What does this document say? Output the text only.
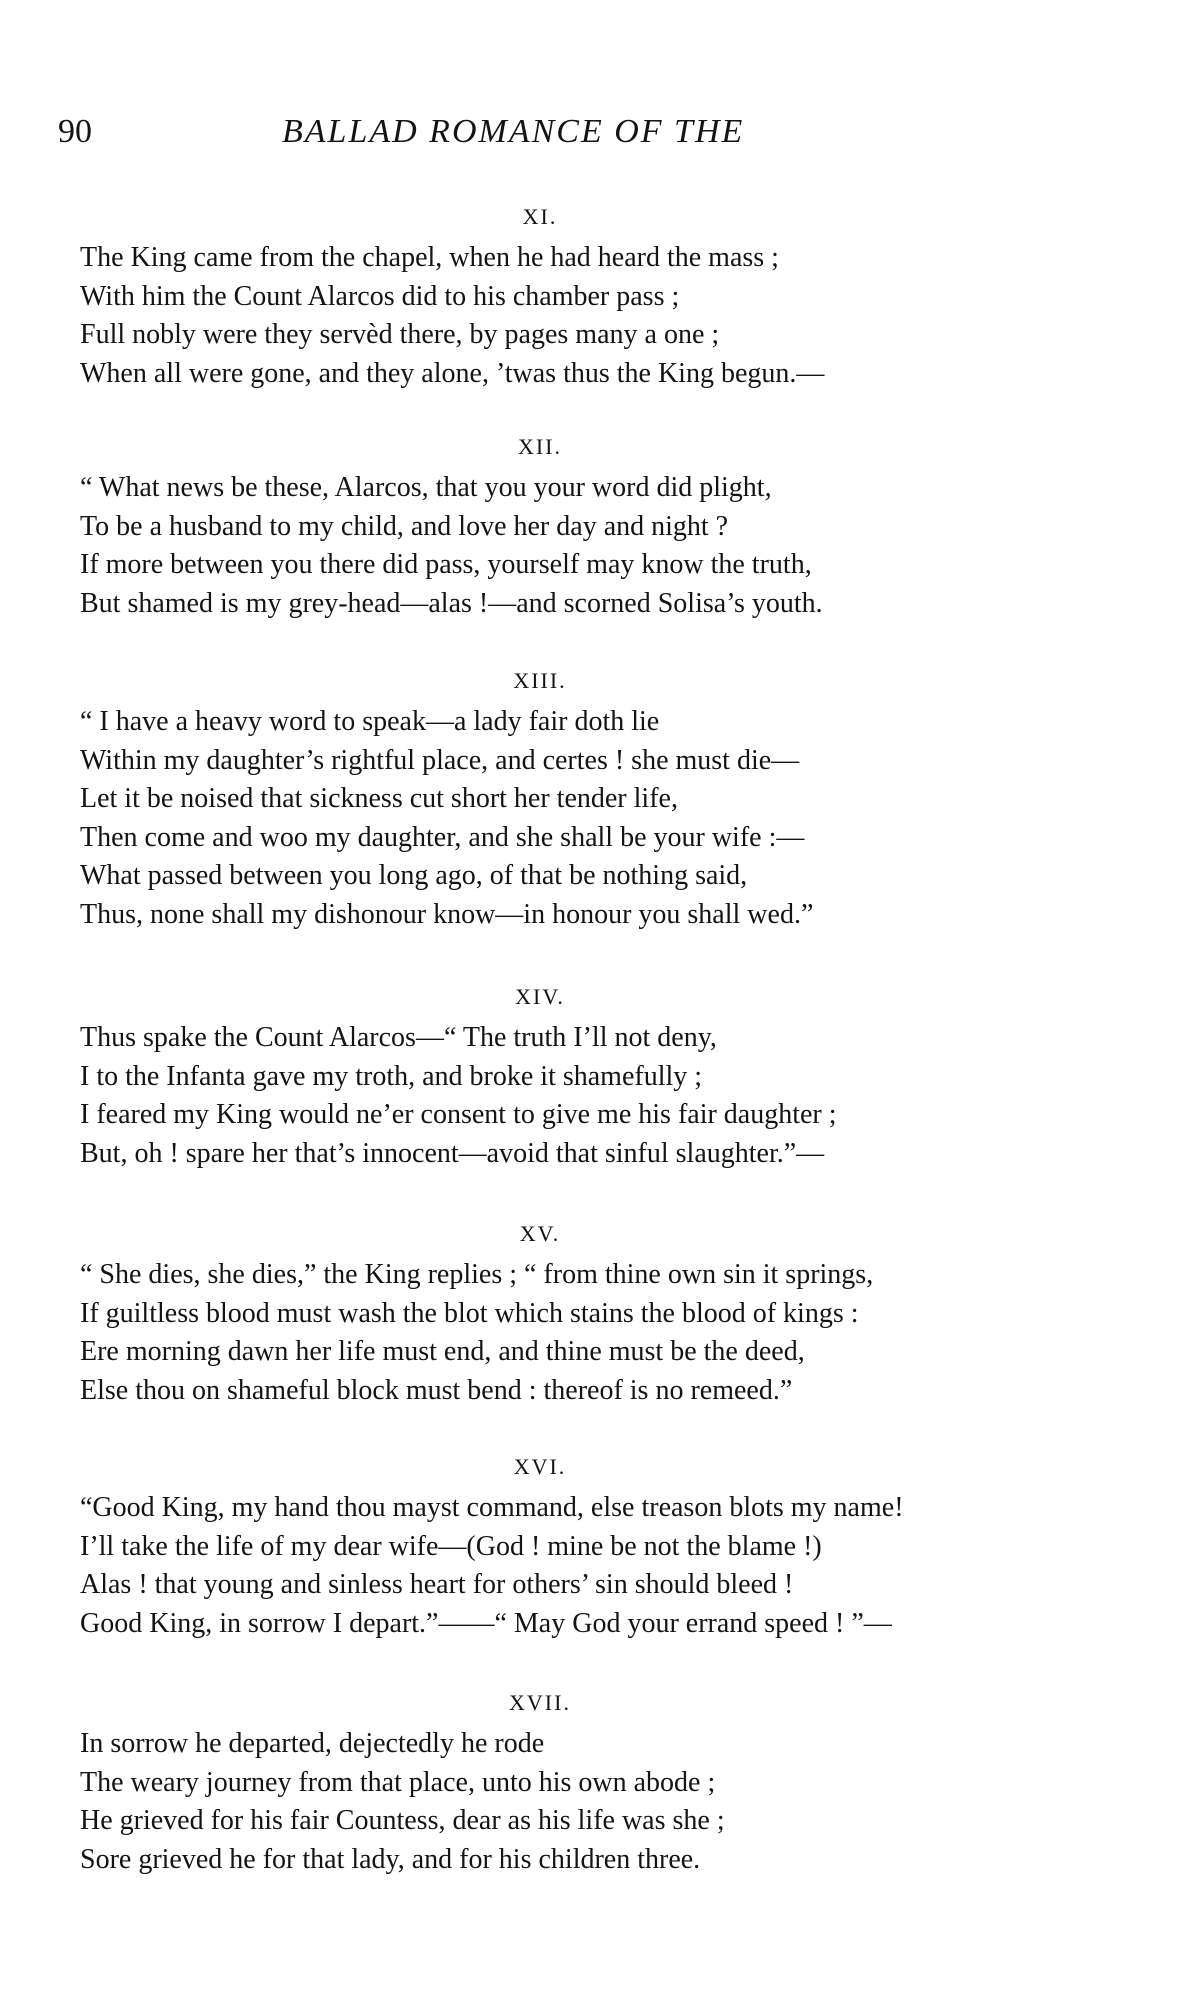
90	BALLAD ROMANCE OF THE
XI.
The King came from the chapel, when he had heard the mass ;
With him the Count Alarcos did to his chamber pass ;
Full nobly were they servèd there, by pages many a one ;
When all were gone, and they alone, ’twas thus the King begun.—
XII.
“ What news be these, Alarcos, that you your word did plight,
To be a husband to my child, and love her day and night ?
If more between you there did pass, yourself may know the truth,
But shamed is my grey-head—alas !—and scorned Solisa’s youth.
XIII.
“ I have a heavy word to speak—a lady fair doth lie
Within my daughter’s rightful place, and certes ! she must die—
Let it be noised that sickness cut short her tender life,
Then come and woo my daughter, and she shall be your wife :—
What passed between you long ago, of that be nothing said,
Thus, none shall my dishonour know—in honour you shall wed.”
XIV.
Thus spake the Count Alarcos—“ The truth I’ll not deny,
I to the Infanta gave my troth, and broke it shamefully ;
I feared my King would ne’er consent to give me his fair daughter ;
But, oh ! spare her that’s innocent—avoid that sinful slaughter.”—
XV.
“ She dies, she dies,” the King replies ; “ from thine own sin it springs,
If guiltless blood must wash the blot which stains the blood of kings :
Ere morning dawn her life must end, and thine must be the deed,
Else thou on shameful block must bend : thereof is no remeed.”
XVI.
“Good King, my hand thou mayst command, else treason blots my name!
I’ll take the life of my dear wife—(God ! mine be not the blame !)
Alas ! that young and sinless heart for others’ sin should bleed !
Good King, in sorrow I depart.”——“ May God your errand speed ! ”—
XVII.
In sorrow he departed, dejectedly he rode
The weary journey from that place, unto his own abode ;
He grieved for his fair Countess, dear as his life was she ;
Sore grieved he for that lady, and for his children three.
